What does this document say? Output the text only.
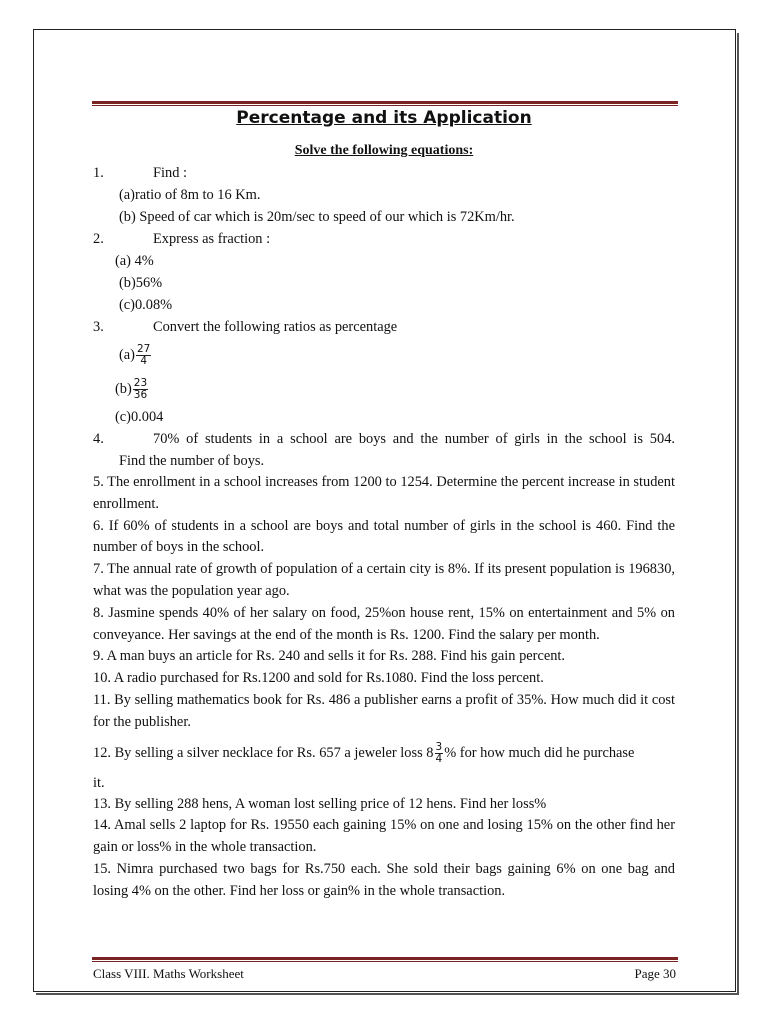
Percentage and its Application
Solve the following equations:
1.	Find :
(a)ratio of 8m to 16 Km.
(b) Speed of car which is 20m/sec to speed of our which is 72Km/hr.
2.	Express as fraction :
(a) 4%
(b)56%
(c)0.08%
3.	Convert the following ratios as percentage
$(a) \frac{27}{4}$
$(b) \frac{23}{36}$
(c)0.004
4.	70% of students in a school are boys and the number of girls in the school is 504.
Find the number of boys.
5. The enrollment in a school increases from 1200 to 1254. Determine the percent increase in student enrollment.
6. If 60% of students in a school are boys and total number of girls in the school is 460. Find the number of boys in the school.
7. The annual rate of growth of population of a certain city is 8%. If its present population is 196830, what was the population year ago.
8. Jasmine spends 40% of her salary on food, 25%on house rent, 15% on entertainment and 5% on conveyance. Her savings at the end of the month is Rs. 1200. Find the salary per month.
9. A man buys an article for Rs. 240 and sells it for Rs. 288. Find his gain percent.
10. A radio purchased for Rs.1200 and sold for Rs.1080. Find the loss percent.
11. By selling mathematics book for Rs. 486 a publisher earns a profit of 35%. How much did it cost for the publisher.
12. By selling a silver necklace for Rs. 657 a jeweler loss $8 \frac{3}{4}$ % for how much did he purchase
it.
13. By selling 288 hens, A woman lost selling price of 12 hens. Find her loss%
14. Amal sells 2 laptop for Rs. 19550 each gaining 15% on one and losing 15% on the other find her gain or loss% in the whole transaction.
15. Nimra purchased two bags for Rs.750 each. She sold their bags gaining 6% on one bag and losing 4% on the other. Find her loss or gain% in the whole transaction.
Class VIII. Maths Worksheet	Page 30
